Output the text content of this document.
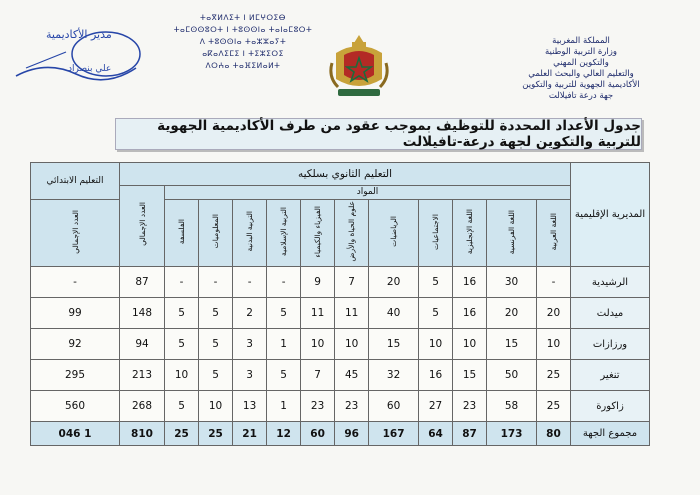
المملكة المغربية
وزارة التربية الوطنية
والتكوين المهني
والتعليم العالي والبحث العلمي
الأكاديمية الجهوية للتربية والتكوين
جهة درعة تافيلالت
ⵜⴰⴳⵍⴷⵉⵜ ⵏ ⵍⵎⵖⵔⵉⴱ
ⵜⴰⵎⵙⵙⵓⵔⵜ ⵏ ⵜⵓⵙⵙⵏⴰ ⵜⴰⵏⴰⵎⵓⵔⵜ
ⴷ ⵜⵓⵙⵙⵏⴰ ⵜⴰⵣⵣⴰⵢⵜ
ⴰⴽⴰⴷⵉⵎⵉ ⵏ ⵜⵉⵣⵉⵔⵉ
ⴷⵔⵄⴰ ⵜⴰⴼⵉⵍⴰⵍⵜ
مدير الأكاديمية
علي بنصراد
جدول الأعداد المحددة للتوظيف بموجب عقود من طرف الأكاديمية الجهوية للتربية والتكوين لجهة درعة-تافيلالت
المديرية الإقليمية	التعليم الثانوي بسلكيه												التعليم الابتدائي
	المواد											العدد الإجمالي	
	اللغة العربية	اللغة الفرنسية	اللغة الإنجليزية	الاجتماعيات	الرياضيات	علوم الحياة والأرض	الفيزياء والكيمياء	التربية الإسلامية	التربية البدنية	المعلوميات	الفلسفة		العدد الإجمالي
الرشيدية	-	30	16	5	20	7	9	-	-	-	-	87	-
ميدلت	20	20	16	5	40	11	11	5	2	5	5	148	99
ورزازات	10	15	10	10	15	10	10	1	3	5	5	94	92
تنغير	25	50	15	16	32	45	7	5	3	5	10	213	295
زاكورة	25	58	23	27	60	23	23	1	13	10	5	268	560
مجموع الجهة	80	173	87	64	167	96	60	12	21	25	25	810	1 046
